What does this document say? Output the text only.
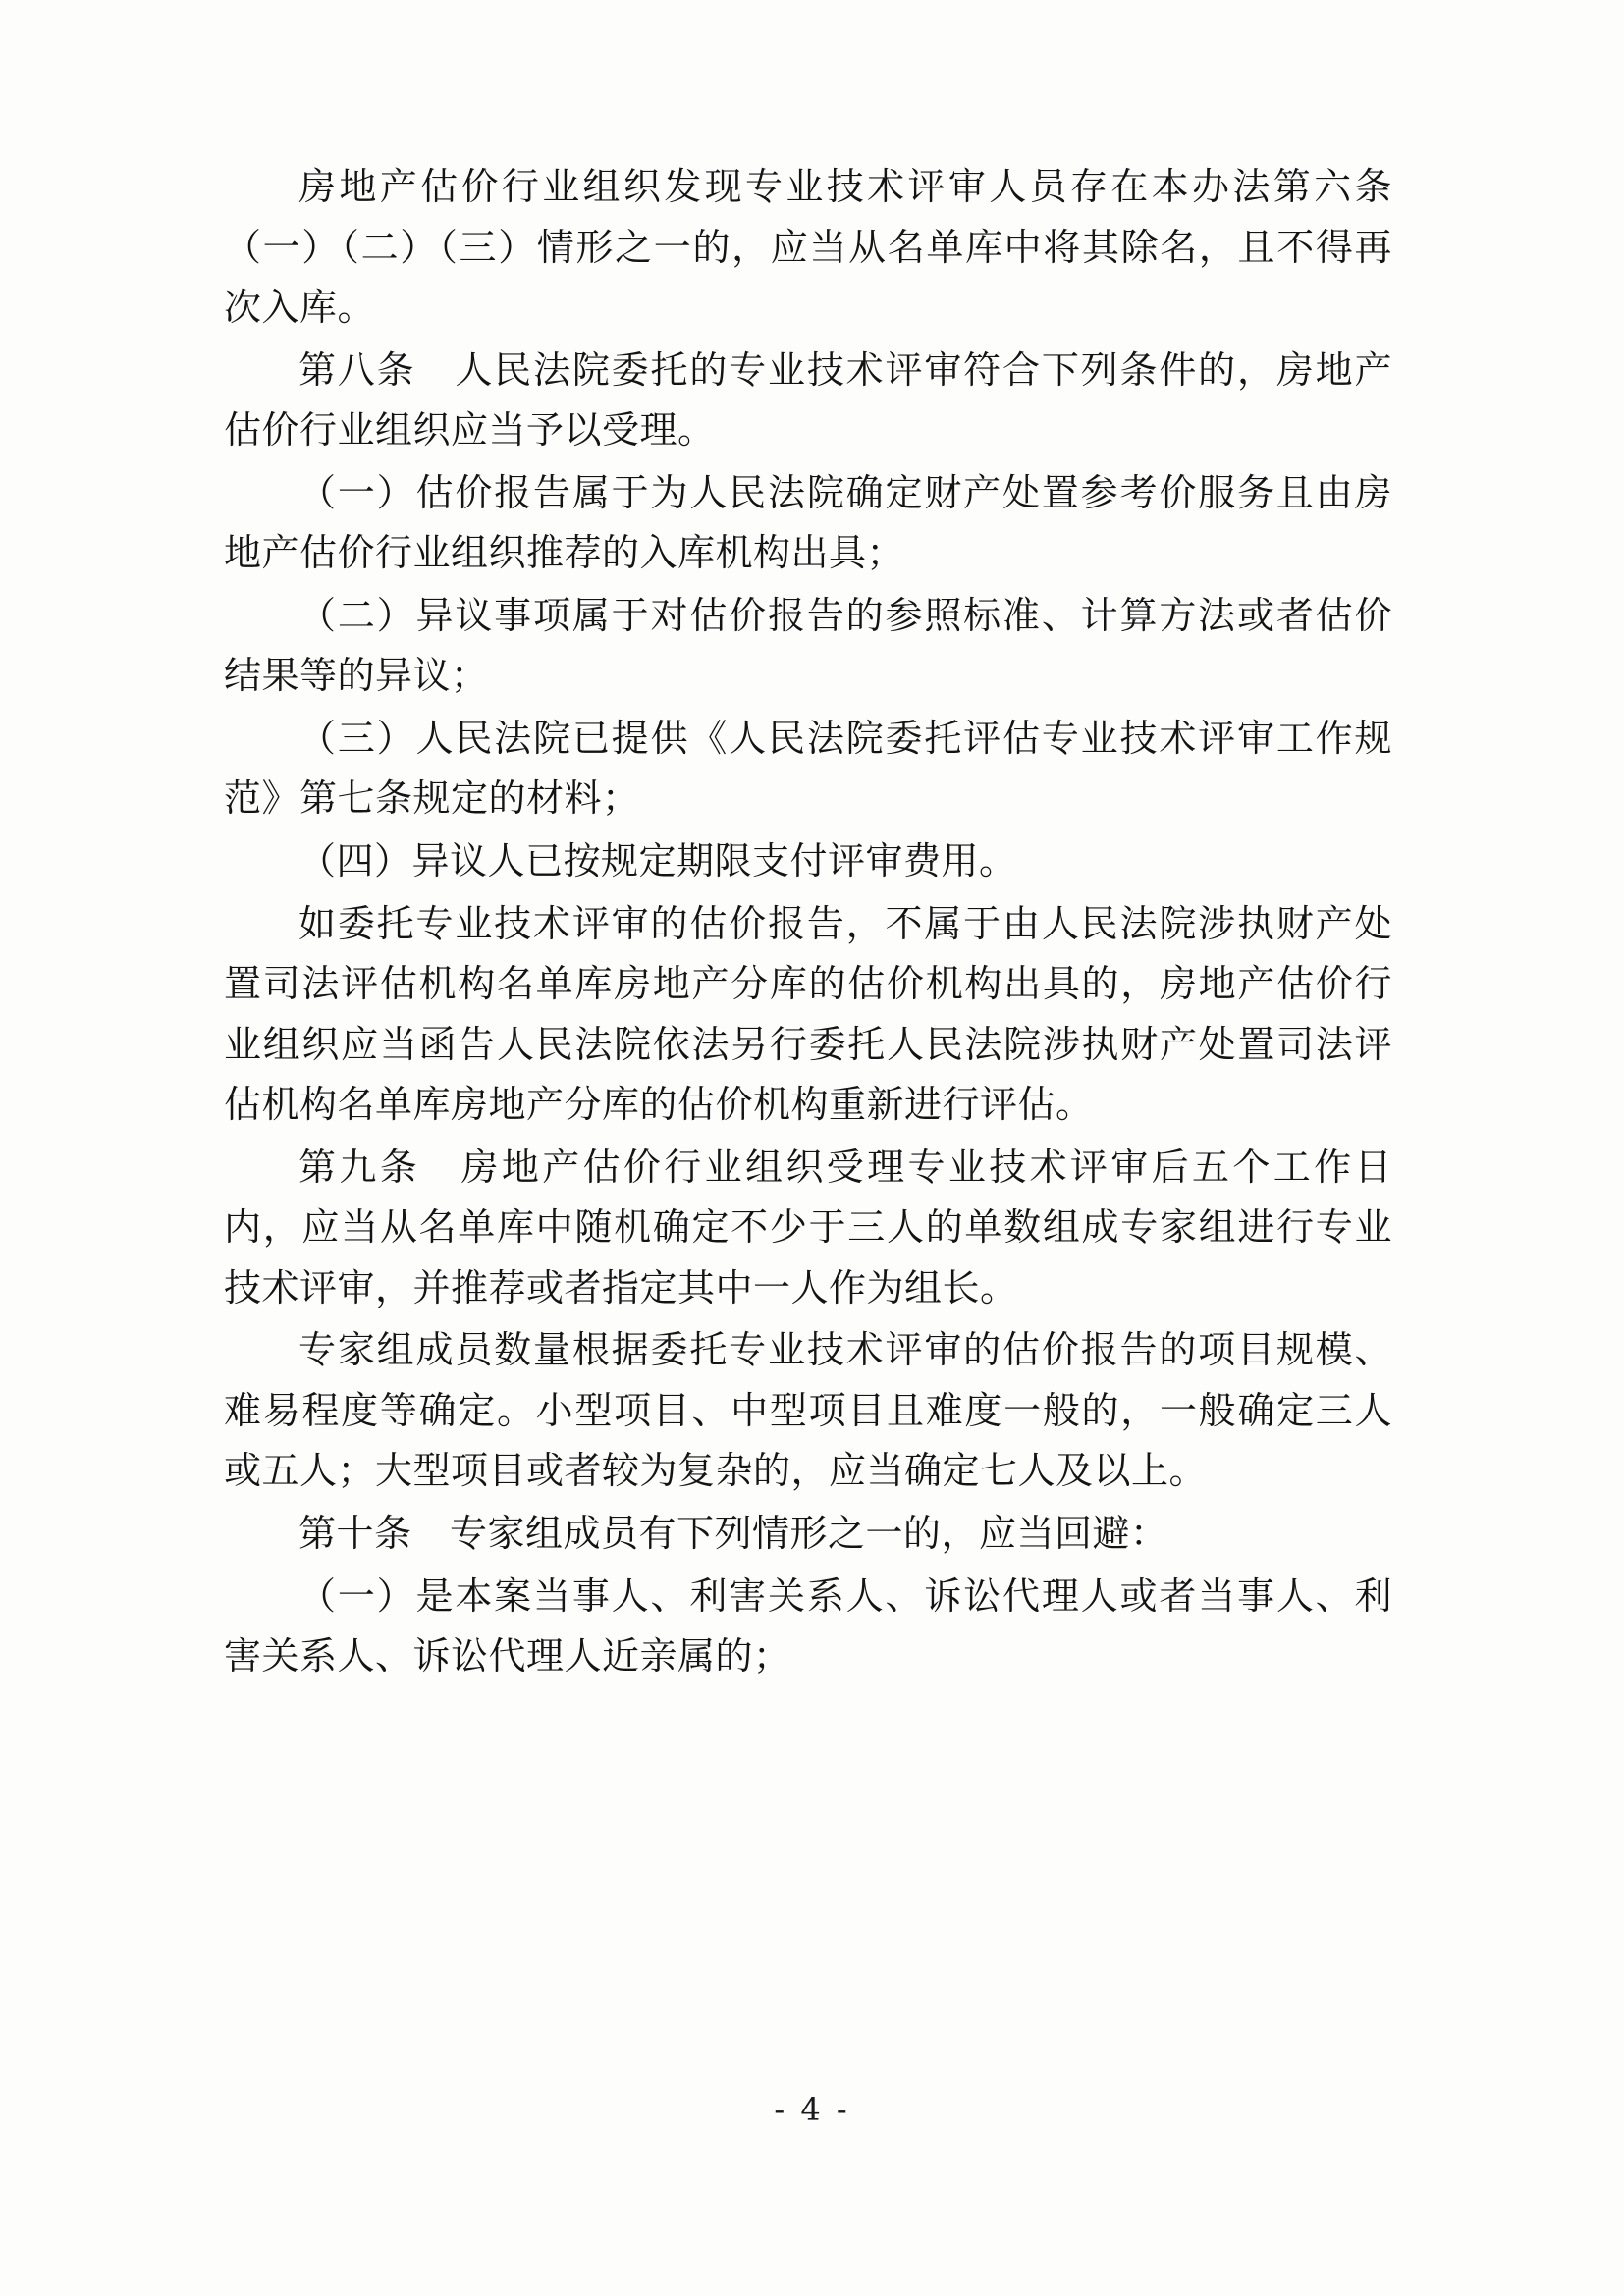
房地产估价行业组织发现专业技术评审人员存在本办法第六条（一）（二）（三）情形之一的，应当从名单库中将其除名，且不得再次入库。

第八条　人民法院委托的专业技术评审符合下列条件的，房地产估价行业组织应当予以受理。

（一）估价报告属于为人民法院确定财产处置参考价服务且由房地产估价行业组织推荐的入库机构出具；

（二）异议事项属于对估价报告的参照标准、计算方法或者估价结果等的异议；

（三）人民法院已提供《人民法院委托评估专业技术评审工作规范》第七条规定的材料；

（四）异议人已按规定期限支付评审费用。

如委托专业技术评审的估价报告，不属于由人民法院涉执财产处置司法评估机构名单库房地产分库的估价机构出具的，房地产估价行业组织应当函告人民法院依法另行委托人民法院涉执财产处置司法评估机构名单库房地产分库的估价机构重新进行评估。

第九条　房地产估价行业组织受理专业技术评审后五个工作日内，应当从名单库中随机确定不少于三人的单数组成专家组进行专业技术评审，并推荐或者指定其中一人作为组长。

专家组成员数量根据委托专业技术评审的估价报告的项目规模、难易程度等确定。小型项目、中型项目且难度一般的，一般确定三人或五人；大型项目或者较为复杂的，应当确定七人及以上。

第十条　专家组成员有下列情形之一的，应当回避：

（一）是本案当事人、利害关系人、诉讼代理人或者当事人、利害关系人、诉讼代理人近亲属的；

- 4 -
